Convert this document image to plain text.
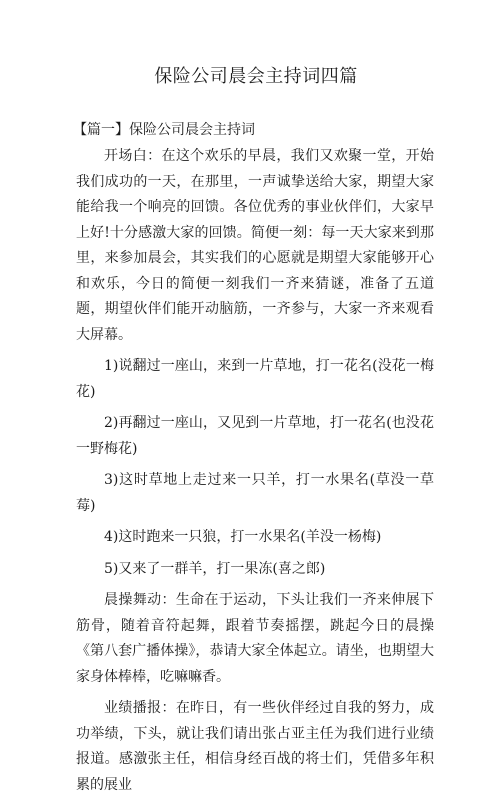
保险公司晨会主持词四篇
【篇一】保险公司晨会主持词

开场白：在这个欢乐的早晨，我们又欢聚一堂，开始我们成功的一天，在那里，一声诚挚送给大家，期望大家能给我一个响亮的回馈。各位优秀的事业伙伴们，大家早上好!十分感激大家的回馈。简便一刻：每一天大家来到那里，来参加晨会，其实我们的心愿就是期望大家能够开心和欢乐，今日的简便一刻我们一齐来猜谜，准备了五道题，期望伙伴们能开动脑筋，一齐参与，大家一齐来观看大屏幕。

1)说翻过一座山，来到一片草地，打一花名(没花一梅花)

2)再翻过一座山，又见到一片草地，打一花名(也没花一野梅花)

3)这时草地上走过来一只羊，打一水果名(草没一草莓)

4)这时跑来一只狼，打一水果名(羊没一杨梅)

5)又来了一群羊，打一果冻(喜之郎)

晨操舞动：生命在于运动，下头让我们一齐来伸展下筋骨，随着音符起舞，跟着节奏摇摆，跳起今日的晨操《第八套广播体操》，恭请大家全体起立。请坐，也期望大家身体棒棒，吃嘛嘛香。

业绩播报：在昨日，有一些伙伴经过自我的努力，成功举绩，下头，就让我们请出张占亚主任为我们进行业绩报道。感激张主任，相信身经百战的将士们，凭借多年积累的展业
